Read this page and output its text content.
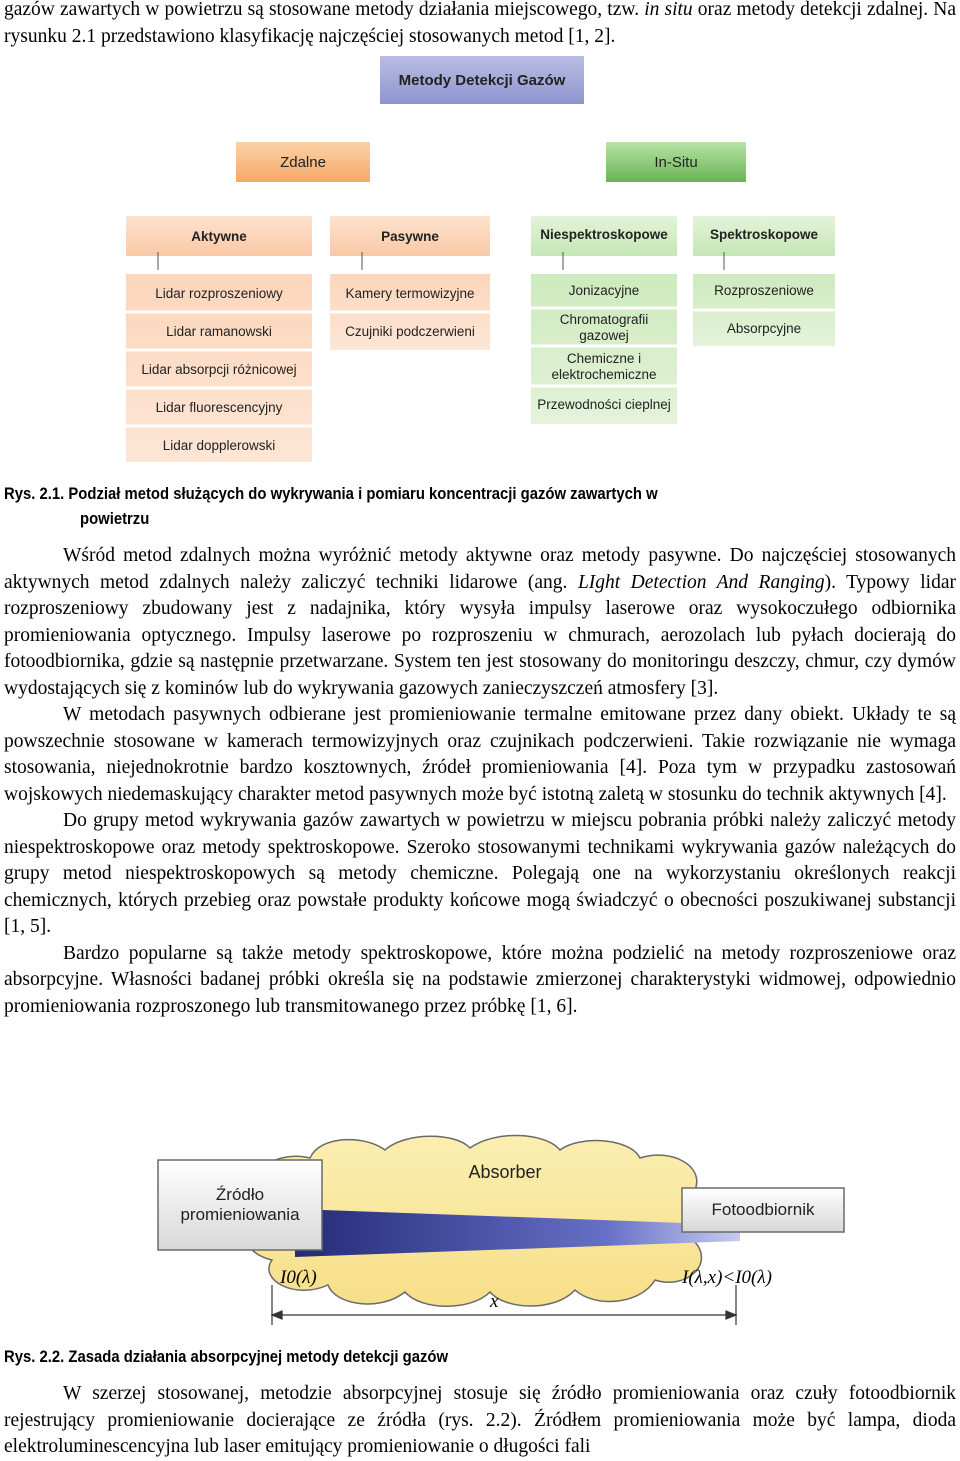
gazów zawartych w powietrzu są stosowane metody działania miejscowego, tzw. in situ oraz metody detekcji zdalnej. Na rysunku 2.1 przedstawiono klasyfikację najczęściej stosowanych metod [1, 2].

Metody Detekcji Gazów
Zdalne	In-Situ
Aktywne	Pasywne	Niespektroskopowe	Spektroskopowe
Lidar rozproszeniowy
Lidar ramanowski
Lidar absorpcji różnicowej
Lidar fluorescencyjny
Lidar dopplerowski
Kamery termowizyjne
Czujniki podczerwieni
Jonizacyjne
Chromatografii gazowej
Chemiczne i elektrochemiczne
Przewodności cieplnej
Rozproszeniowe
Absorpcyjne
Rys. 2.1. Podział metod służących do wykrywania i pomiaru koncentracji gazów zawartych w
powietrzu

Wśród metod zdalnych można wyróżnić metody aktywne oraz metody pasywne. Do najczęściej stosowanych aktywnych metod zdalnych należy zaliczyć techniki lidarowe (ang. LIght Detection And Ranging). Typowy lidar rozproszeniowy zbudowany jest z nadajnika, który wysyła impulsy laserowe oraz wysokoczułego odbiornika promieniowania optycznego. Impulsy laserowe po rozproszeniu w chmurach, aerozolach lub pyłach docierają do fotoodbiornika, gdzie są następnie przetwarzane. System ten jest stosowany do monitoringu deszczy, chmur, czy dymów wydostających się z kominów lub do wykrywania gazowych zanieczyszczeń atmosfery [3].

W metodach pasywnych odbierane jest promieniowanie termalne emitowane przez dany obiekt. Układy te są powszechnie stosowane w kamerach termowizyjnych oraz czujnikach podczerwieni. Takie rozwiązanie nie wymaga stosowania, niejednokrotnie bardzo kosztownych, źródeł promieniowania [4]. Poza tym w przypadku zastosowań wojskowych niedemaskujący charakter metod pasywnych może być istotną zaletą w stosunku do technik aktywnych [4].

Do grupy metod wykrywania gazów zawartych w powietrzu w miejscu pobrania próbki należy zaliczyć metody niespektroskopowe oraz metody spektroskopowe. Szeroko stosowanymi technikami wykrywania gazów należących do grupy metod niespektroskopowych są metody chemiczne. Polegają one na wykorzystaniu określonych reakcji chemicznych, których przebieg oraz powstałe produkty końcowe mogą świadczyć o obecności poszukiwanej substancji [1, 5].

Bardzo popularne są także metody spektroskopowe, które można podzielić na metody rozproszeniowe oraz absorpcyjne. Własności badanej próbki określa się na podstawie zmierzonej charakterystyki widmowej, odpowiednio promieniowania rozproszonego lub transmitowanego przez próbkę [1, 6].

Absorber
Źródło
promieniowania	Fotoodbiornik
I0(λ)	I(λ,x)<I0(λ)
x
Rys. 2.2. Zasada działania absorpcyjnej metody detekcji gazów

W szerzej stosowanej, metodzie absorpcyjnej stosuje się źródło promieniowania oraz czuły fotoodbiornik rejestrujący promieniowanie docierające ze źródła (rys. 2.2). Źródłem promieniowania może być lampa, dioda elektroluminescencyjna lub laser emitujący promieniowanie o długości fali
